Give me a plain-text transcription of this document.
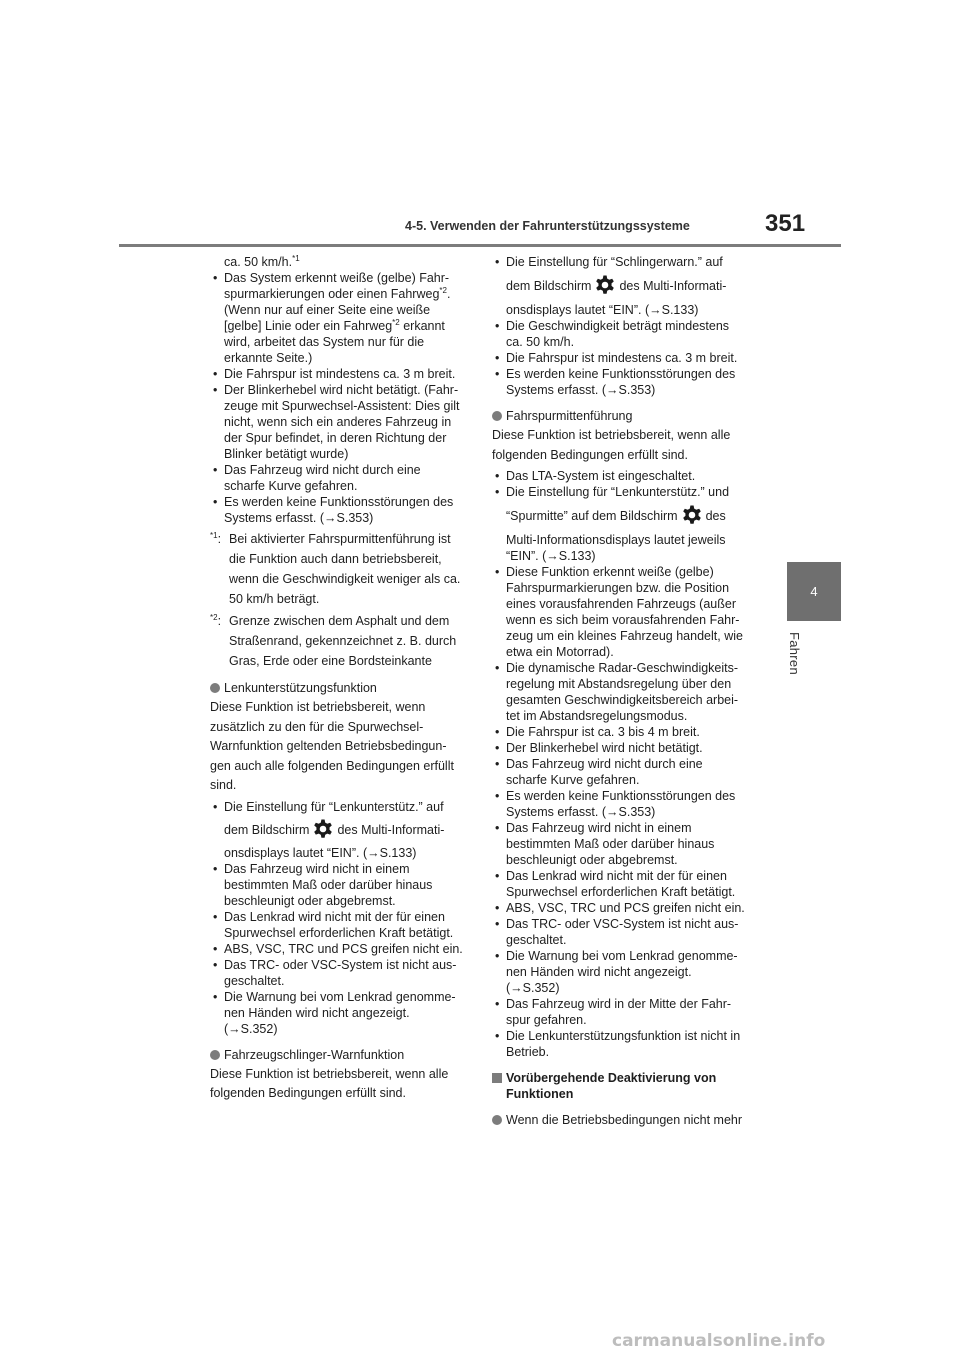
4-5. Verwenden der Fahrunterstützungssysteme	351
4
Fahren

ca. 50 km/h.$^{*1}$

• Das System erkennt weiße (gelbe) Fahr-
spurmarkierungen oder einen Fahrweg$^{*2}$.
(Wenn nur auf einer Seite eine weiße
[gelbe] Linie oder ein Fahrweg$^{*2}$ erkannt
wird, arbeitet das System nur für die
erkannte Seite.)
• Die Fahrspur ist mindestens ca. 3 m breit.
• Der Blinkerhebel wird nicht betätigt. (Fahr-
zeuge mit Spurwechsel-Assistent: Dies gilt
nicht, wenn sich ein anderes Fahrzeug in
der Spur befindet, in deren Richtung der
Blinker betätigt wurde)
• Das Fahrzeug wird nicht durch eine
scharfe Kurve gefahren.
• Es werden keine Funktionsstörungen des
Systems erfasst. (→S.353)
$^{*1}$: Bei aktivierter Fahrspurmittenführung ist
die Funktion auch dann betriebsbereit,
wenn die Geschwindigkeit weniger als ca.
50 km/h beträgt.
$^{*2}$: Grenze zwischen dem Asphalt und dem
Straßenrand, gekennzeichnet z. B. durch
Gras, Erde oder eine Bordsteinkante

Lenkunterstützungsfunktion

Diese Funktion ist betriebsbereit, wenn
zusätzlich zu den für die Spurwechsel-
Warnfunktion geltenden Betriebsbedingun-
gen auch alle folgenden Bedingungen erfüllt
sind.
• Die Einstellung für “Lenkunterstütz.” auf
dem Bildschirm des Multi-Informati-
onsdisplays lautet “EIN”. (→S.133)
• Das Fahrzeug wird nicht in einem
bestimmten Maß oder darüber hinaus
beschleunigt oder abgebremst.
• Das Lenkrad wird nicht mit der für einen
Spurwechsel erforderlichen Kraft betätigt.
• ABS, VSC, TRC und PCS greifen nicht ein.
• Das TRC- oder VSC-System ist nicht aus-
geschaltet.
• Die Warnung bei vom Lenkrad genomme-
nen Händen wird nicht angezeigt.
(→S.352)

Fahrzeugschlinger-Warnfunktion

Diese Funktion ist betriebsbereit, wenn alle
folgenden Bedingungen erfüllt sind.
• Die Einstellung für “Schlingerwarn.” auf
dem Bildschirm des Multi-Informati-
onsdisplays lautet “EIN”. (→S.133)
• Die Geschwindigkeit beträgt mindestens
ca. 50 km/h.
• Die Fahrspur ist mindestens ca. 3 m breit.
• Es werden keine Funktionsstörungen des
Systems erfasst. (→S.353)

Fahrspurmittenführung

Diese Funktion ist betriebsbereit, wenn alle
folgenden Bedingungen erfüllt sind.
• Das LTA-System ist eingeschaltet.
• Die Einstellung für “Lenkunterstütz.” und
“Spurmitte” auf dem Bildschirm des
Multi-Informationsdisplays lautet jeweils
“EIN”. (→S.133)
• Diese Funktion erkennt weiße (gelbe)
Fahrspurmarkierungen bzw. die Position
eines vorausfahrenden Fahrzeugs (außer
wenn es sich beim vorausfahrenden Fahr-
zeug um ein kleines Fahrzeug handelt, wie
etwa ein Motorrad).
• Die dynamische Radar-Geschwindigkeits-
regelung mit Abstandsregelung über den
gesamten Geschwindigkeitsbereich arbei-
tet im Abstandsregelungsmodus.
• Die Fahrspur ist ca. 3 bis 4 m breit.
• Der Blinkerhebel wird nicht betätigt.
• Das Fahrzeug wird nicht durch eine
scharfe Kurve gefahren.
• Es werden keine Funktionsstörungen des
Systems erfasst. (→S.353)
• Das Fahrzeug wird nicht in einem
bestimmten Maß oder darüber hinaus
beschleunigt oder abgebremst.
• Das Lenkrad wird nicht mit der für einen
Spurwechsel erforderlichen Kraft betätigt.
• ABS, VSC, TRC und PCS greifen nicht ein.
• Das TRC- oder VSC-System ist nicht aus-
geschaltet.
• Die Warnung bei vom Lenkrad genomme-
nen Händen wird nicht angezeigt.
(→S.352)
• Das Fahrzeug wird in der Mitte der Fahr-
spur gefahren.
• Die Lenkunterstützungsfunktion ist nicht in
Betrieb.
Vorübergehende Deaktivierung von
Funktionen

Wenn die Betriebsbedingungen nicht mehr

carmanualsonline.info
